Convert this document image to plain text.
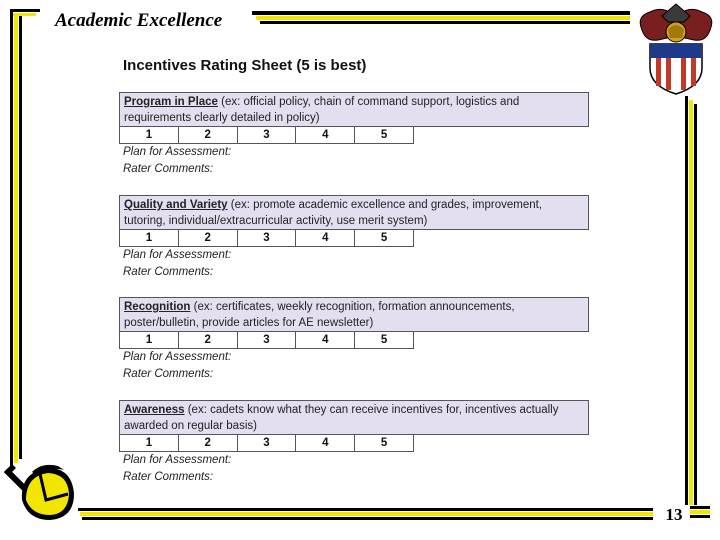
Academic Excellence
Incentives Rating Sheet (5 is best)
Program in Place (ex: official policy, chain of command support, logistics and
requirements clearly detailed in policy)
1	2	3	4	5
Plan for Assessment:
Rater Comments:
Quality and Variety (ex: promote academic excellence and grades, improvement,
tutoring, individual/extracurricular activity, use merit system)
1	2	3	4	5
Plan for Assessment:
Rater Comments:
Recognition (ex: certificates, weekly recognition, formation announcements,
poster/bulletin, provide articles for AE newsletter)
1	2	3	4	5
Plan for Assessment:
Rater Comments:
Awareness (ex: cadets know what they can receive incentives for, incentives actually
awarded on regular basis)
1	2	3	4	5
Plan for Assessment:
Rater Comments:
13
